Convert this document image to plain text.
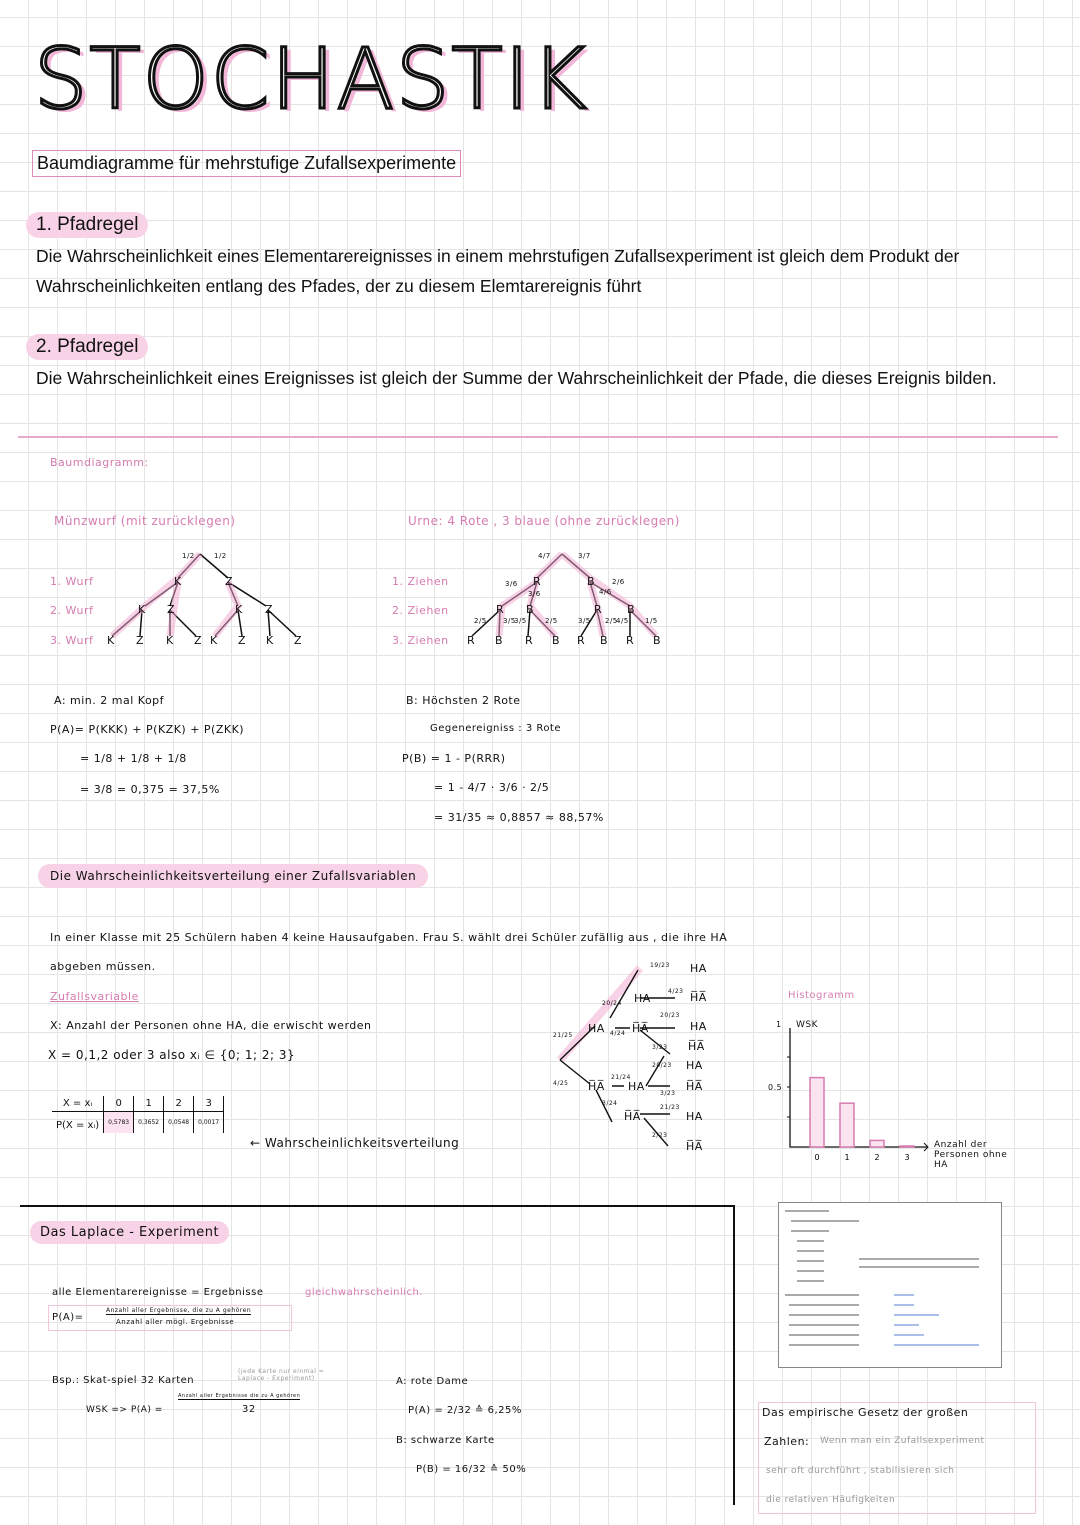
STOCHASTIK
Baumdiagramme für mehrstufige Zufallsexperimente
1. Pfadregel
Die Wahrscheinlichkeit eines Elementarereignisses in einem mehrstufigen Zufallsexperiment ist gleich dem Produkt der Wahrscheinlichkeiten entlang des Pfades, der zu diesem Elemtarereignis führt
2. Pfadregel
Die Wahrscheinlichkeit eines Ereignisses ist gleich der Summe der Wahrscheinlichkeit der Pfade, die dieses Ereignis bilden.
Baumdiagramm:
Münzwurf (mit zurücklegen)	Urne: 4 Rote , 3 blaue (ohne zurücklegen)
1. Wurf
2. Wurf
3. Wurf
1. Ziehen
2. Ziehen
3. Ziehen
K	Z
K Z	K Z
K Z K Z K Z K Z
1/2	1/2
R	B
R B	R B
R B R B R B R B
4/7	3/7
3/6
3/6	4/6
2/6
2/5 3/5
3/5	2/5	3/5 2/5
4/5 1/5
A: min. 2 mal Kopf
P(A)= P(KKK) + P(KZK) + P(ZKK)
= 1/8 + 1/8 + 1/8
= 3/8 = 0,375 = 37,5%
B: Höchsten 2 Rote
Gegenereigniss : 3 Rote
P(B) = 1 - P(RRR)
= 1 - 4/7 · 3/6 · 2/5
= 31/35 ≈ 0,8857 ≈ 88,57%
Die Wahrscheinlichkeitsverteilung einer Zufallsvariablen
In einer Klasse mit 25 Schülern haben 4 keine Hausaufgaben. Frau S. wählt drei Schüler zufällig aus , die ihre HA
abgeben müssen.
Zufallsvariable
X: Anzahl der Personen ohne HA, die erwischt werden
X = 0,1,2 oder 3 also xᵢ ∈ {0; 1; 2; 3}
X = xᵢ	0	1	2	3
P(X = xᵢ)	0,5783	0,3652	0,0548	0,0017
← Wahrscheinlichkeitsverteilung
HA
H̅A̅
HA
H̅A̅
HA
H̅A̅
HA
H̅A̅
HA
H̅A̅
HA
H̅A̅
HA
H̅A̅
21/25
4/25
20/24
4/24
21/24
3/24
19/23
4/23
20/23
3/23
20/23
3/23
21/23
2/23
Histogramm
WSK
1
0.5
Anzahl der Personen ohne HA
0	1	2	3
Das Laplace - Experiment
alle Elementarereignisse = Ergebnisse	gleichwahrscheinlich.
P(A)=
Anzahl aller Ergebnisse, die zu A gehören
Anzahl aller mögl. Ergebnisse
Bsp.: Skat-spiel 32 Karten
(jede Karte nur einmal = Laplace - Experiment)
WSK => P(A) =
Anzahl aller Ergebnisse die zu A gehören
32
A: rote Dame
P(A) = 2/32 ≙ 6,25%
B: schwarze Karte
P(B) = 16/32 ≙ 50%
Das empirische Gesetz der großen
Zahlen: Wenn man ein Zufallsexperiment
sehr oft durchführt , stabilisieren sich
die relativen Häufigkeiten
